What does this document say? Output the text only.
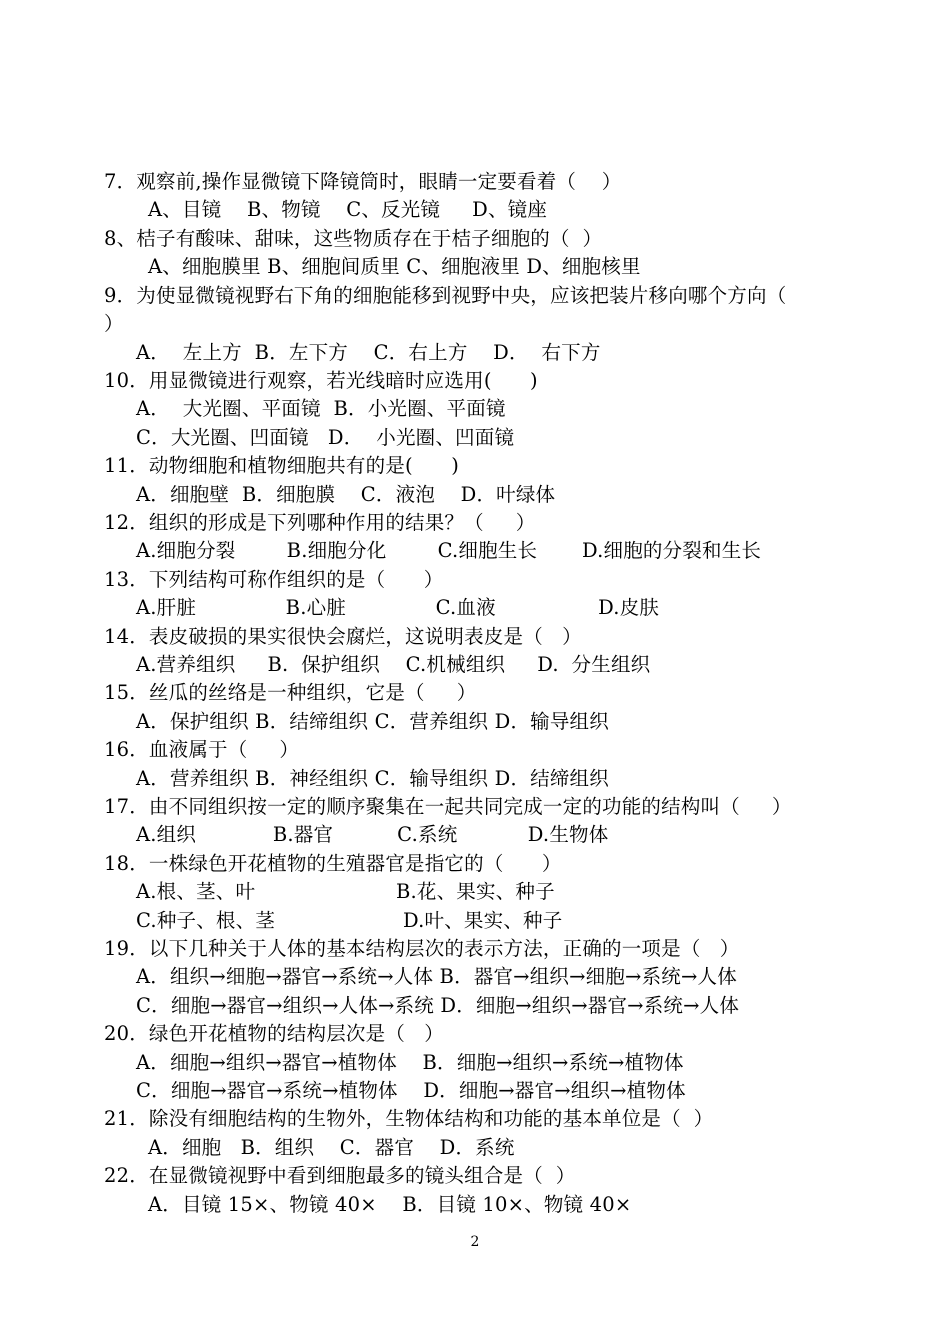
7．观察前,操作显微镜下降镜筒时，眼睛一定要看着（    ）
A、目镜    B、物镜    C、反光镜     D、镜座
8、桔子有酸味、甜味，这些物质存在于桔子细胞的（  ）
A、细胞膜里 B、细胞间质里 C、细胞液里 D、细胞核里
9．为使显微镜视野右下角的细胞能移到视野中央，应该把装片移向哪个方向（
）
A．  左上方  B．左下方    C．右上方    D．  右下方
10．用显微镜进行观察，若光线暗时应选用(      )
A．  大光圈、平面镜  B．小光圈、平面镜
C．大光圈、凹面镜   D．  小光圈、凹面镜
11．动物细胞和植物细胞共有的是(      )
A．细胞壁  B．细胞膜    C．液泡    D．叶绿体
12．组织的形成是下列哪种作用的结果？（     ）
A.细胞分裂        B.细胞分化        C.细胞生长       D.细胞的分裂和生长
13．下列结构可称作组织的是（      ）
A.肝脏              B.心脏              C.血液                D.皮肤
14．表皮破损的果实很快会腐烂，这说明表皮是（   ）
A.营养组织     B.  保护组织    C.机械组织     D.  分生组织
15．丝瓜的丝络是一种组织，它是（     ）
A．保护组织 B．结缔组织 C．营养组织 D．输导组织
16．血液属于（     ）
A．营养组织 B．神经组织 C．输导组织 D．结缔组织
17．由不同组织按一定的顺序聚集在一起共同完成一定的功能的结构叫（     ）
A.组织            B.器官          C.系统           D.生物体
18．一株绿色开花植物的生殖器官是指它的（      ）
A.根、茎、叶                      B.花、果实、种子
C.种子、根、茎                    D.叶、果实、种子
19．以下几种关于人体的基本结构层次的表示方法，正确的一项是（   ）
A．组织→细胞→器官→系统→人体 B．器官→组织→细胞→系统→人体
C．细胞→器官→组织→人体→系统 D．细胞→组织→器官→系统→人体
20．绿色开花植物的结构层次是（   ）
A．细胞→组织→器官→植物体    B．细胞→组织→系统→植物体
C．细胞→器官→系统→植物体    D．细胞→器官→组织→植物体
21．除没有细胞结构的生物外，生物体结构和功能的基本单位是（  ）
A．细胞   B．组织    C．器官    D．系统
22．在显微镜视野中看到细胞最多的镜头组合是（  ）
A．目镜 15×、物镜 40×    B．目镜 10×、物镜 40×
2
